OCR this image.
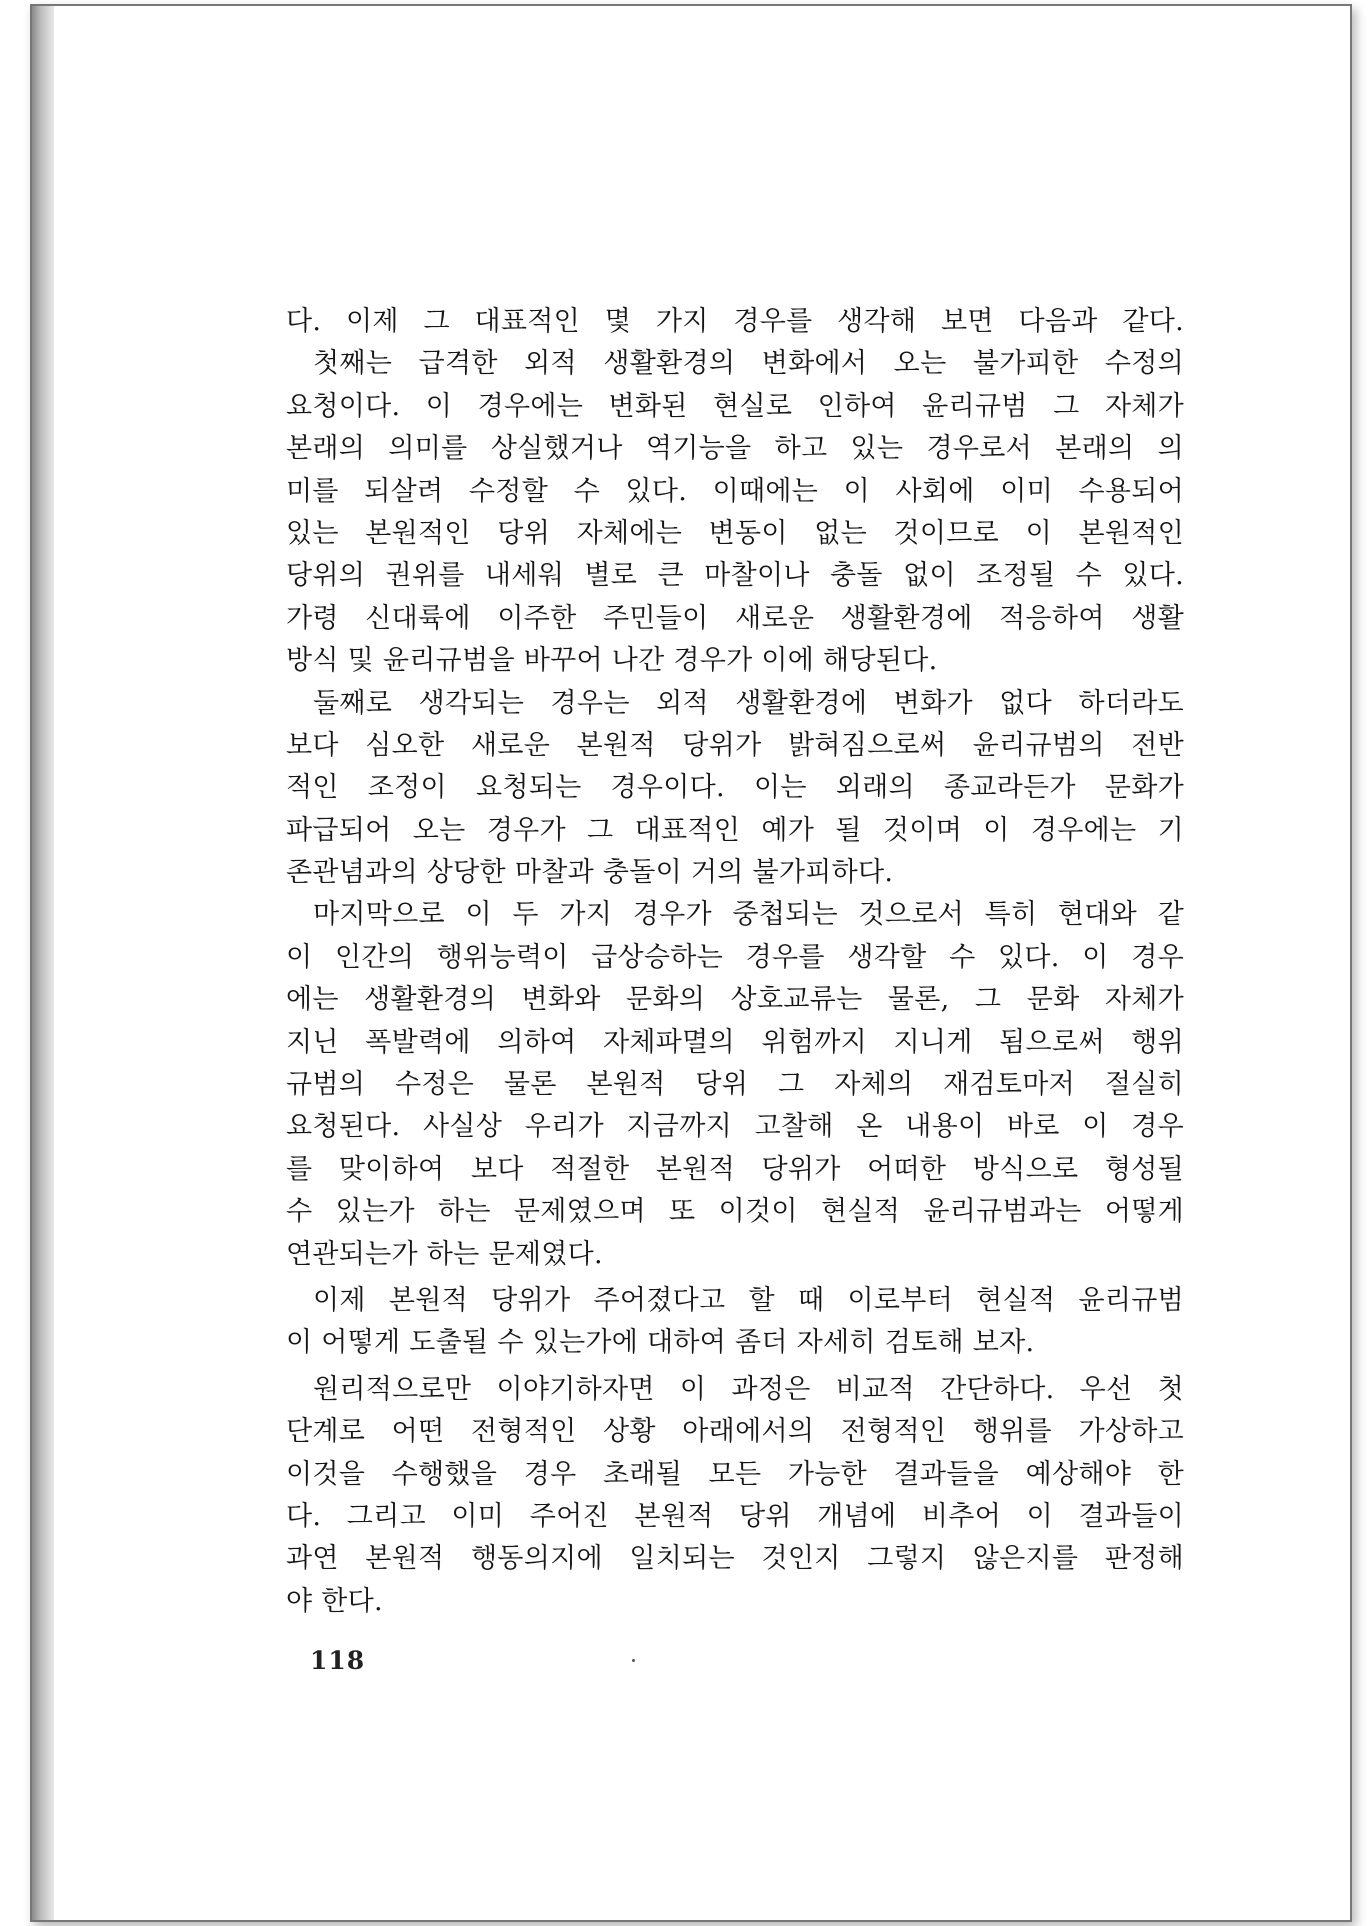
다. 이제 그 대표적인 몇 가지 경우를 생각해 보면 다음과 같다.
첫째는 급격한 외적 생활환경의 변화에서 오는 불가피한 수정의
요청이다. 이 경우에는 변화된 현실로 인하여 윤리규범 그 자체가
본래의 의미를 상실했거나 역기능을 하고 있는 경우로서 본래의 의
미를 되살려 수정할 수 있다. 이때에는 이 사회에 이미 수용되어
있는 본원적인 당위 자체에는 변동이 없는 것이므로 이 본원적인
당위의 권위를 내세워 별로 큰 마찰이나 충돌 없이 조정될 수 있다.
가령 신대륙에 이주한 주민들이 새로운 생활환경에 적응하여 생활
방식 및 윤리규범을 바꾸어 나간 경우가 이에 해당된다.
둘째로 생각되는 경우는 외적 생활환경에 변화가 없다 하더라도
보다 심오한 새로운 본원적 당위가 밝혀짐으로써 윤리규범의 전반
적인 조정이 요청되는 경우이다. 이는 외래의 종교라든가 문화가
파급되어 오는 경우가 그 대표적인 예가 될 것이며 이 경우에는 기
존관념과의 상당한 마찰과 충돌이 거의 불가피하다.
마지막으로 이 두 가지 경우가 중첩되는 것으로서 특히 현대와 같
이 인간의 행위능력이 급상승하는 경우를 생각할 수 있다. 이 경우
에는 생활환경의 변화와 문화의 상호교류는 물론, 그 문화 자체가
지닌 폭발력에 의하여 자체파멸의 위험까지 지니게 됨으로써 행위
규범의 수정은 물론 본원적 당위 그 자체의 재검토마저 절실히
요청된다. 사실상 우리가 지금까지 고찰해 온 내용이 바로 이 경우
를 맞이하여 보다 적절한 본원적 당위가 어떠한 방식으로 형성될
수 있는가 하는 문제였으며 또 이것이 현실적 윤리규범과는 어떻게
연관되는가 하는 문제였다.
이제 본원적 당위가 주어졌다고 할 때 이로부터 현실적 윤리규범
이 어떻게 도출될 수 있는가에 대하여 좀더 자세히 검토해 보자.
원리적으로만 이야기하자면 이 과정은 비교적 간단하다. 우선 첫
단계로 어떤 전형적인 상황 아래에서의 전형적인 행위를 가상하고
이것을 수행했을 경우 초래될 모든 가능한 결과들을 예상해야 한
다. 그리고 이미 주어진 본원적 당위 개념에 비추어 이 결과들이
과연 본원적 행동의지에 일치되는 것인지 그렇지 않은지를 판정해
야 한다.
118
